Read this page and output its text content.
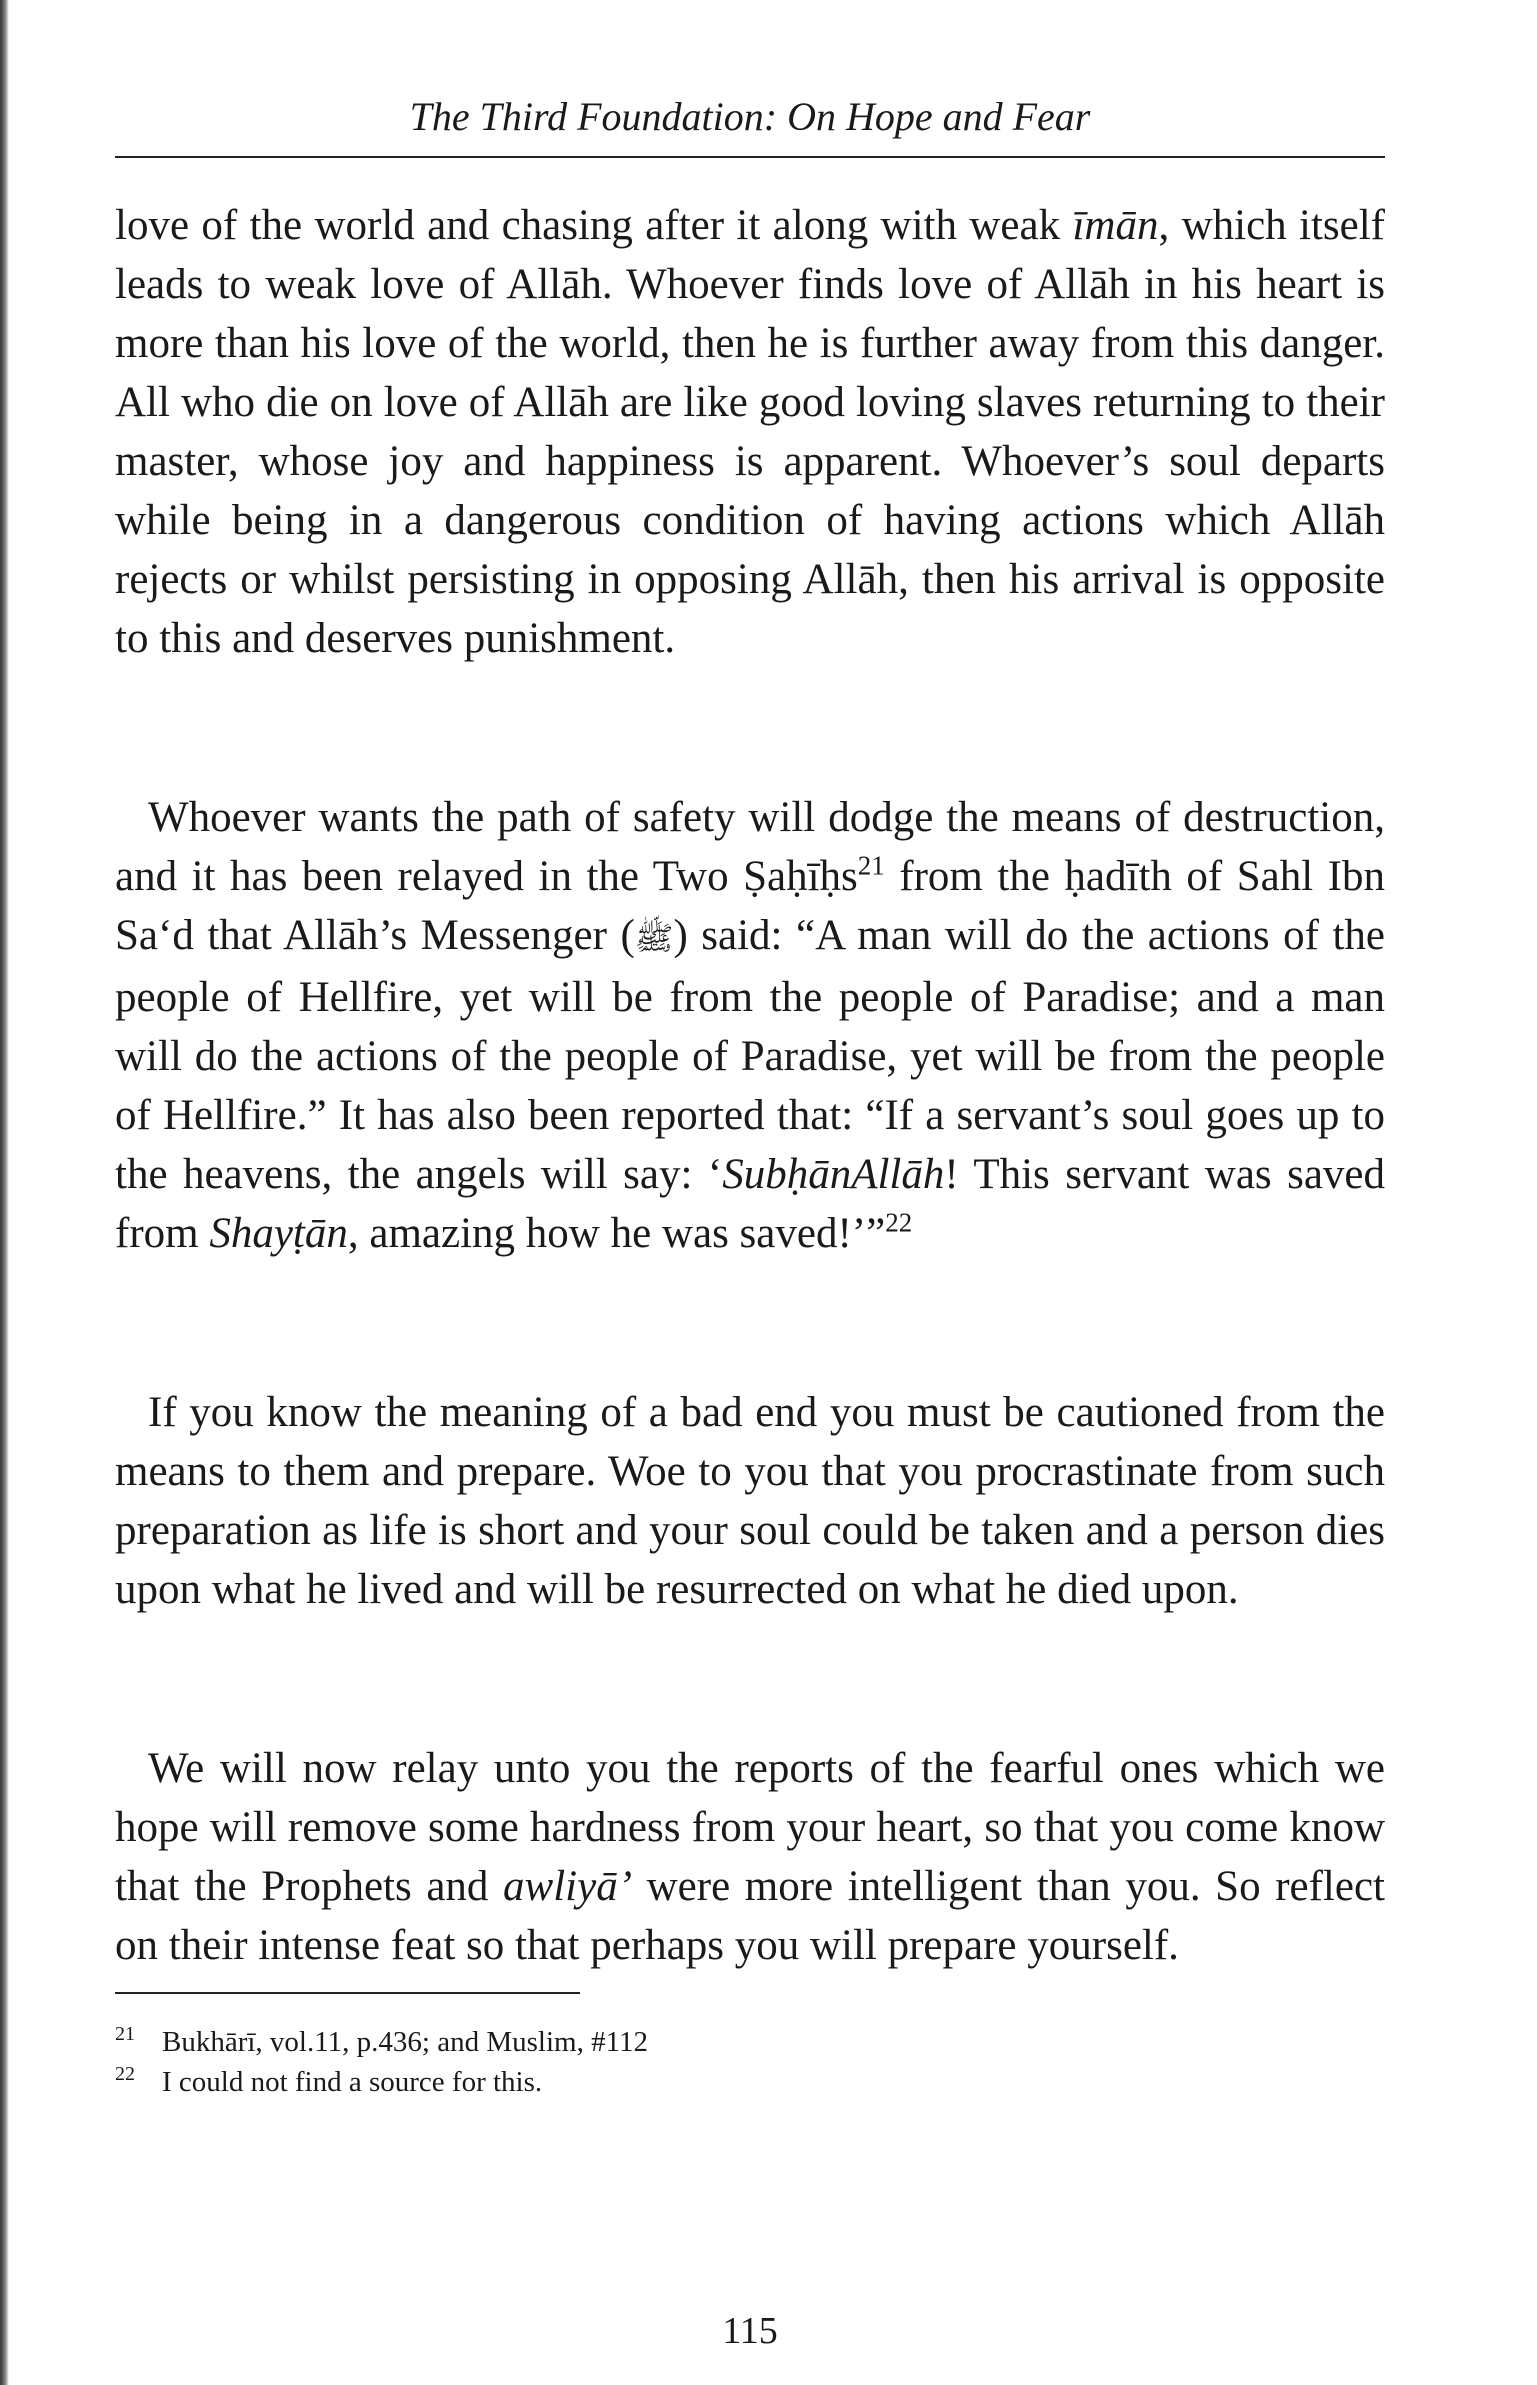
The Third Foundation: On Hope and Fear

love of the world and chasing after it along with weak īmān, which itself leads to weak love of Allāh. Whoever finds love of Allāh in his heart is more than his love of the world, then he is further away from this danger. All who die on love of Allāh are like good loving slaves returning to their master, whose joy and happiness is apparent. Whoever’s soul departs while being in a dangerous condition of having actions which Allāh rejects or whilst persisting in opposing Allāh, then his arrival is opposite to this and deserves punishment.

Whoever wants the path of safety will dodge the means of destruction, and it has been relayed in the Two Ṣaḥīḥs$^{21}$ from the ḥadīth of Sahl Ibn Sa‘d that Allāh’s Messenger (ﷺ) said: “A man will do the actions of the people of Hellfire, yet will be from the people of Paradise; and a man will do the actions of the people of Paradise, yet will be from the people of Hellfire.” It has also been reported that: “If a servant’s soul goes up to the heavens, the angels will say: ‘SubḥānAllāh! This servant was saved from Shayṭān, amazing how he was saved!’”$^{22}$

If you know the meaning of a bad end you must be cautioned from the means to them and prepare. Woe to you that you procrastinate from such preparation as life is short and your soul could be taken and a person dies upon what he lived and will be resurrected on what he died upon.

We will now relay unto you the reports of the fearful ones which we hope will remove some hardness from your heart, so that you come know that the Prophets and awliyā’ were more intelligent than you. So reflect on their intense feat so that perhaps you will prepare yourself.

21 Bukhārī, vol.11, p.436; and Muslim, #112
22 I could not find a source for this.
115
